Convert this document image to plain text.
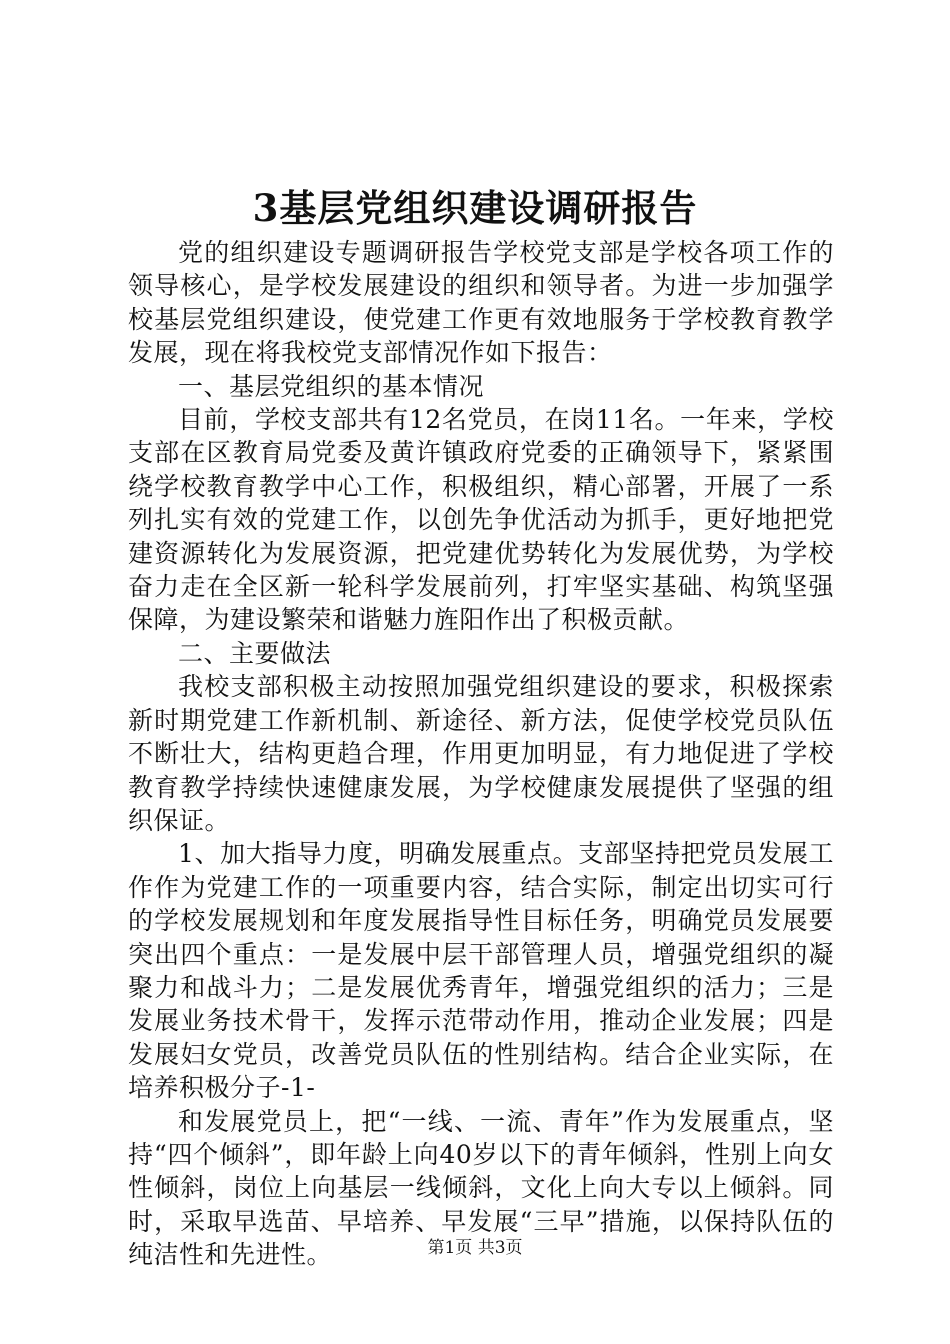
3基层党组织建设调研报告

党的组织建设专题调研报告学校党支部是学校各项工作的领导核心，是学校发展建设的组织和领导者。为进一步加强学校基层党组织建设，使党建工作更有效地服务于学校教育教学发展，现在将我校党支部情况作如下报告：

一、基层党组织的基本情况

目前，学校支部共有12名党员，在岗11名。一年来，学校支部在区教育局党委及黄许镇政府党委的正确领导下，紧紧围绕学校教育教学中心工作，积极组织，精心部署，开展了一系列扎实有效的党建工作，以创先争优活动为抓手，更好地把党建资源转化为发展资源，把党建优势转化为发展优势，为学校奋力走在全区新一轮科学发展前列，打牢坚实基础、构筑坚强保障，为建设繁荣和谐魅力旌阳作出了积极贡献。

二、主要做法

我校支部积极主动按照加强党组织建设的要求，积极探索新时期党建工作新机制、新途径、新方法，促使学校党员队伍不断壮大，结构更趋合理，作用更加明显，有力地促进了学校教育教学持续快速健康发展，为学校健康发展提供了坚强的组织保证。

1、加大指导力度，明确发展重点。支部坚持把党员发展工作作为党建工作的一项重要内容，结合实际，制定出切实可行的学校发展规划和年度发展指导性目标任务，明确党员发展要突出四个重点：一是发展中层干部管理人员，增强党组织的凝聚力和战斗力；二是发展优秀青年，增强党组织的活力；三是发展业务技术骨干，发挥示范带动作用，推动企业发展；四是发展妇女党员，改善党员队伍的性别结构。结合企业实际，在培养积极分子-1-

和发展党员上，把“一线、一流、青年”作为发展重点，坚持“四个倾斜”，即年龄上向40岁以下的青年倾斜，性别上向女性倾斜，岗位上向基层一线倾斜，文化上向大专以上倾斜。同时，采取早选苗、早培养、早发展“三早”措施，以保持队伍的纯洁性和先进性。	第1页 共3页
